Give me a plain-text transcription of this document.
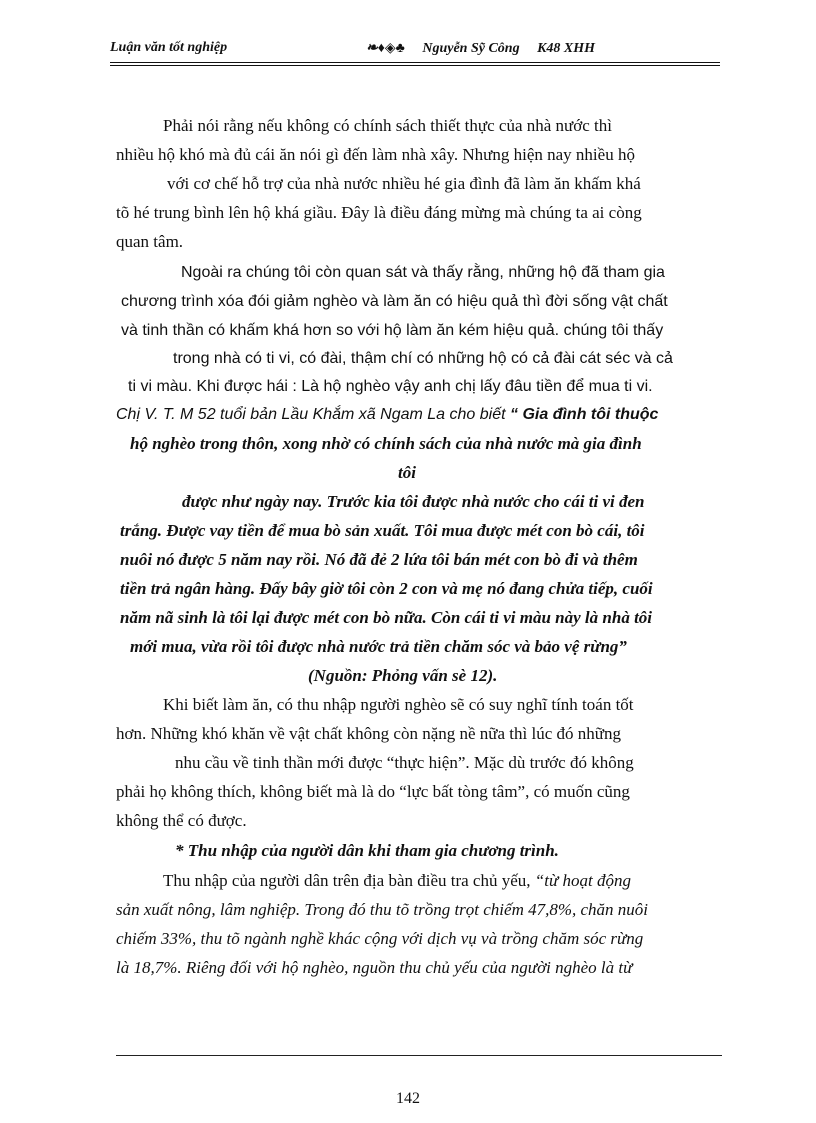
Luận văn tốt nghiệp	❧♦◈♣ Nguyễn Sỹ Công K48 XHH
Phải nói rằng nếu không có chính sách thiết thực của nhà nước thì
nhiều hộ khó mà đủ cái ăn nói gì đến làm nhà xây. Nhưng hiện nay nhiều hộ
với cơ chế hỗ trợ của nhà nước nhiều hé gia đình đã làm ăn khấm khá
tõ hé trung bình lên hộ khá giầu. Đây là điều đáng mừng mà chúng ta ai còng
quan tâm.
Ngoài ra chúng tôi còn quan sát và thấy rằng, những hộ đã tham gia
chương trình xóa đói giảm nghèo và làm ăn có hiệu quả thì đời sống vật chất
và tinh thần có khấm khá hơn so với hộ làm ăn kém hiệu quả. chúng tôi thấy
trong nhà có ti vi, có đài, thậm chí có những hộ có cả đài cát séc và cả
ti vi màu. Khi được hái : Là hộ nghèo vậy anh chị lấy đâu tiền để mua ti vi.
Chị V. T. M 52 tuổi bản Lầu Khắm xã Ngam La cho biết “ Gia đình tôi thuộc
hộ nghèo trong thôn, xong nhờ có chính sách của nhà nước mà gia đình
tôi
được như ngày nay. Trước kia tôi được nhà nước cho cái ti vi đen
trắng. Được vay tiền để mua bò sản xuất. Tôi mua được mét con bò cái, tôi
nuôi nó được 5 năm nay rồi. Nó đã đẻ 2 lứa tôi bán mét con bò đi và thêm
tiền trả ngân hàng. Đấy bây giờ tôi còn 2 con và mẹ nó đang chửa tiếp, cuối
năm nã sinh là tôi lại được mét con bò nữa. Còn cái ti vi màu này là nhà tôi
mới mua, vừa rồi tôi được nhà nước trả tiền chăm sóc và bảo vệ rừng”
(Nguồn: Phỏng vấn sè 12).
Khi biết làm ăn, có thu nhập người nghèo sẽ có suy nghĩ tính toán tốt
hơn. Những khó khăn về vật chất không còn nặng nề nữa thì lúc đó những
nhu cầu về tinh thần mới được “thực hiện”. Mặc dù trước đó không
phải họ không thích, không biết mà là do “lực bất tòng tâm”, có muốn cũng
không thể có được.
* Thu nhập của người dân khi tham gia chương trình.
Thu nhập của người dân trên địa bàn điều tra chủ yếu, “từ hoạt động
sản xuất nông, lâm nghiệp. Trong đó thu tõ trồng trọt chiếm 47,8%, chăn nuôi
chiếm 33%, thu tõ ngành nghề khác cộng với dịch vụ và trồng chăm sóc rừng
là 18,7%. Riêng đối với hộ nghèo, nguồn thu chủ yếu của người nghèo là từ
142
